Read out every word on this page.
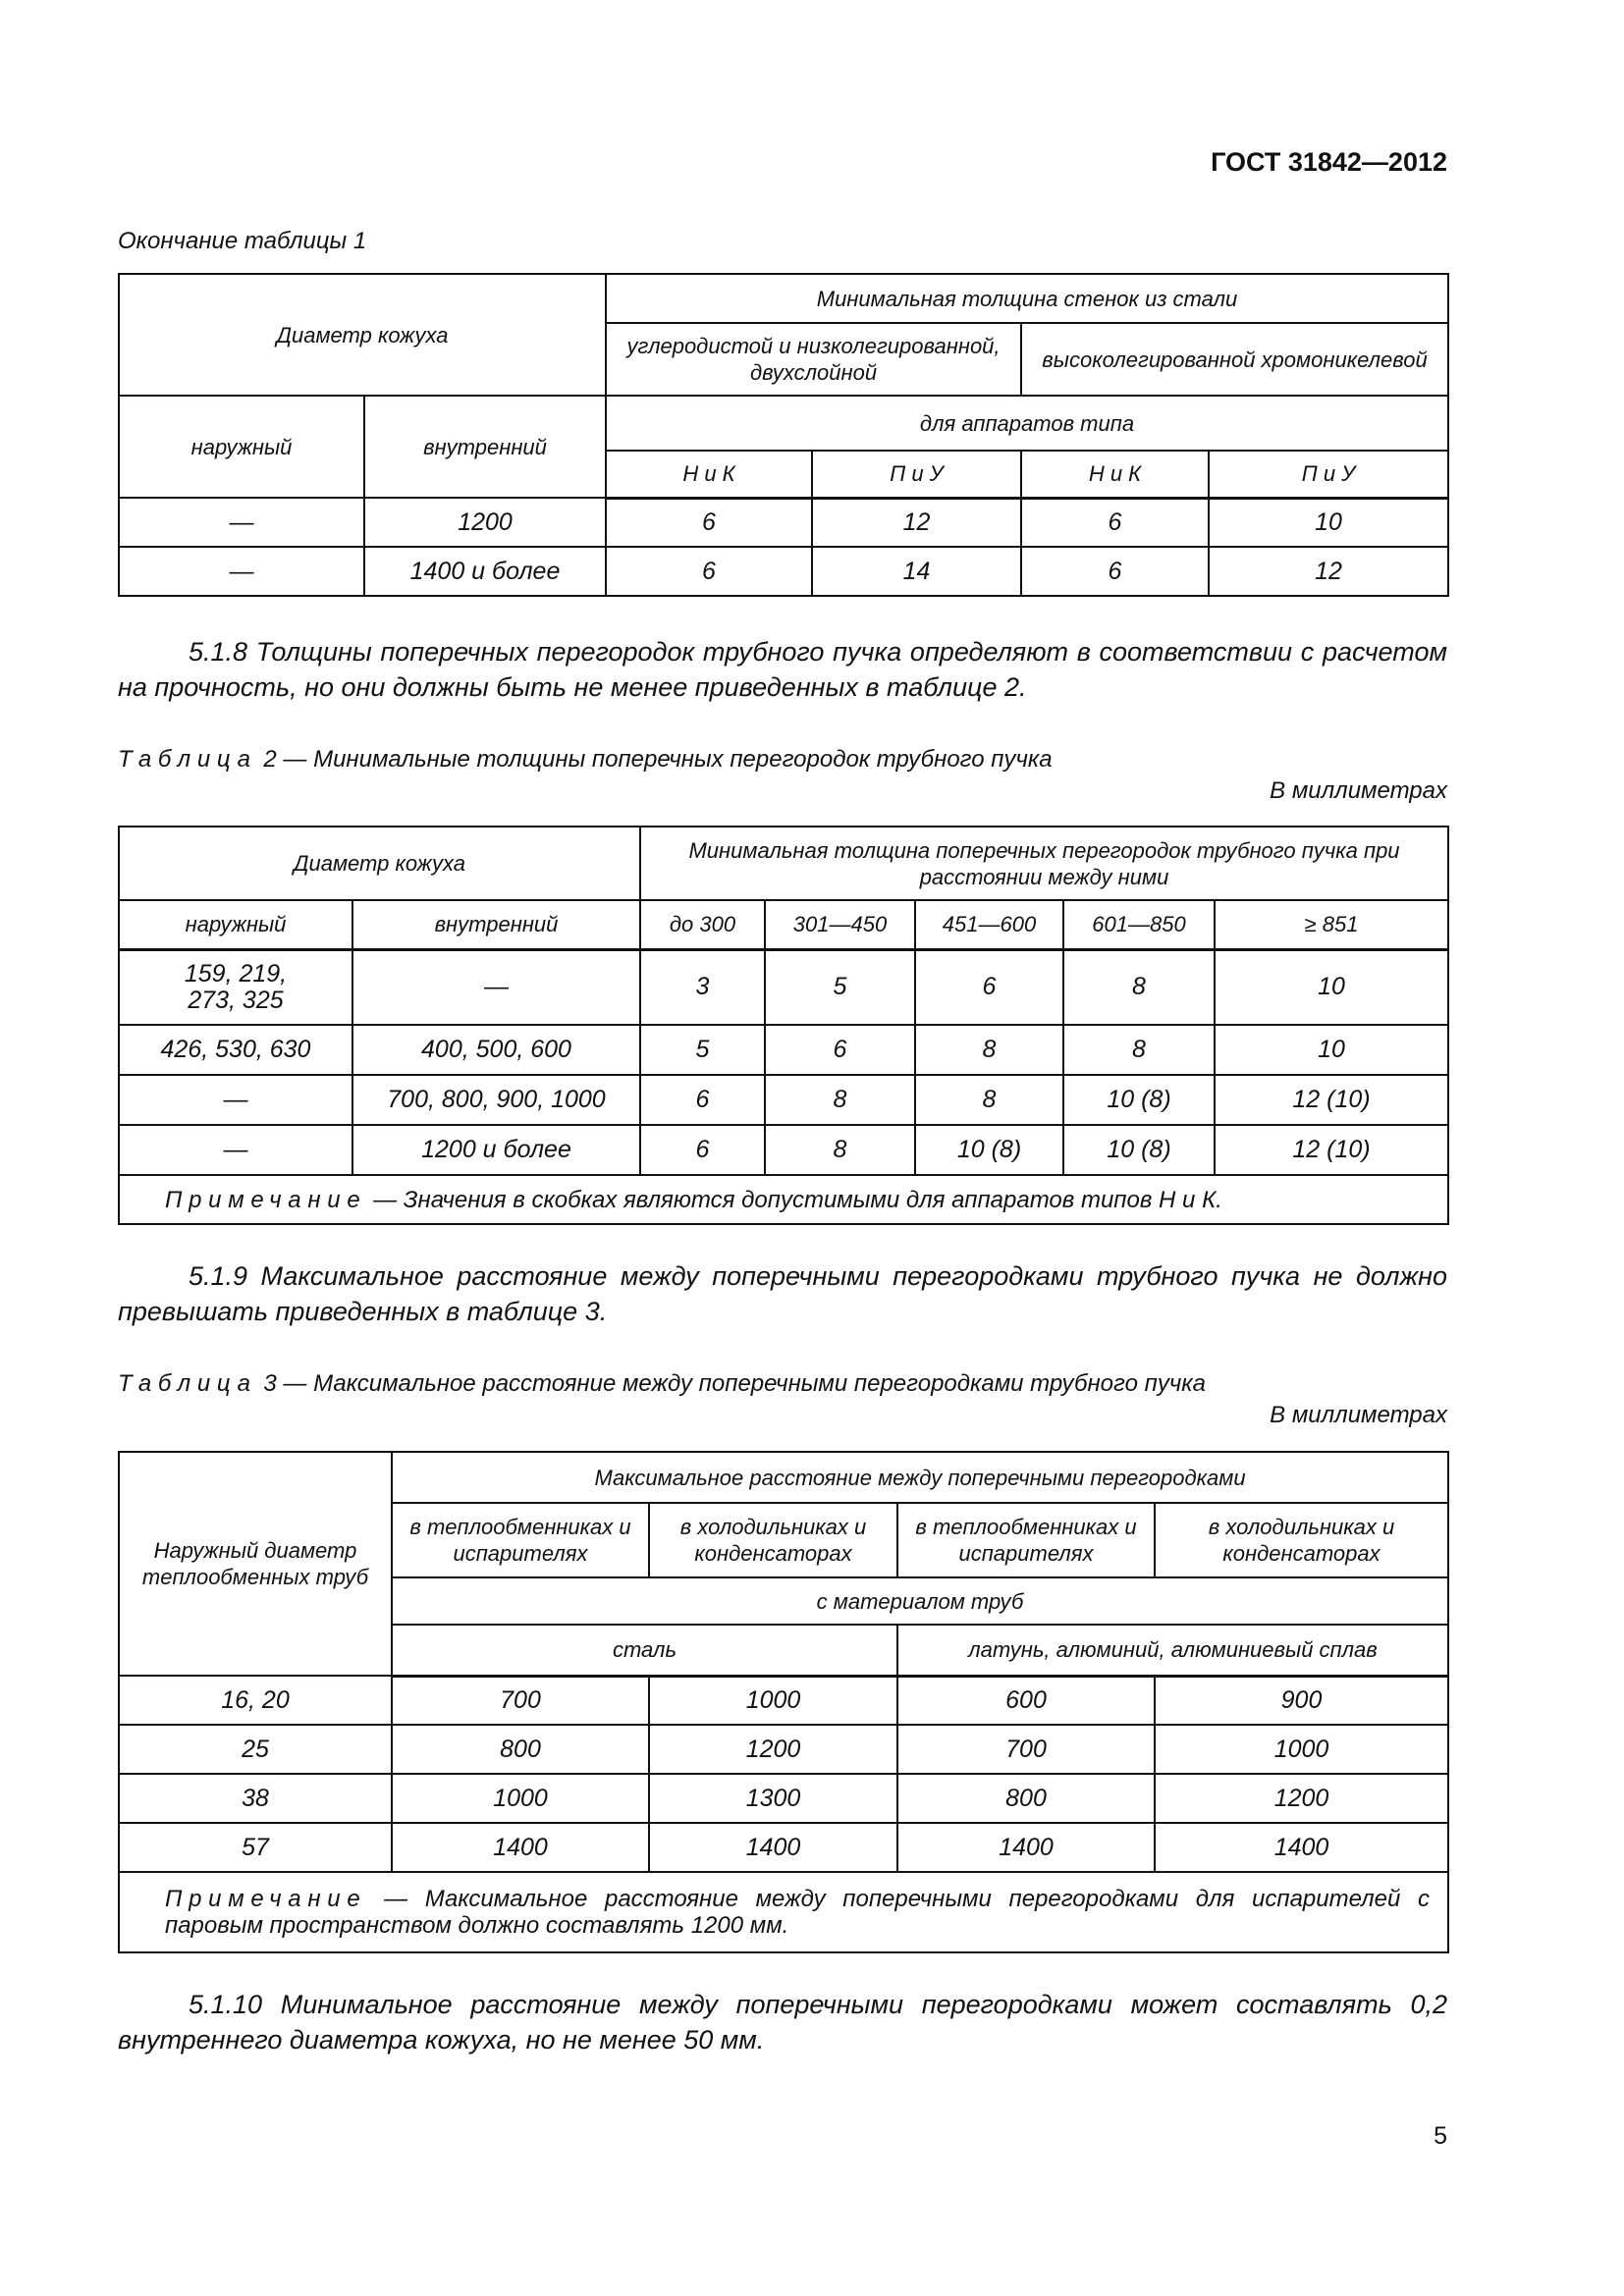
ГОСТ 31842—2012
Окончание таблицы 1
Диаметр кожуха		Минимальная толщина стенок из стали			
		углеродистой и низколегированной, двухслойной		высоколегированной хромоникелевой	
наружный	внутренний	для аппаратов типа			
		Н и К	П и У	Н и К	П и У
—	1200	6	12	6	10
—	1400 и более	6	14	6	12
5.1.8 Толщины поперечных перегородок трубного пучка определяют в соответствии с расчетом на прочность, но они должны быть не менее приведенных в таблице 2.
Таблица 2 — Минимальные толщины поперечных перегородок трубного пучка
В миллиметрах
Диаметр кожуха		Минимальная толщина поперечных перегородок трубного пучка при расстоянии между ними				
наружный	внутренний	до 300	301—450	451—600	601—850	≥ 851
159, 219, 273, 325	—	3	5	6	8	10
426, 530, 630	400, 500, 600	5	6	8	8	10
—	700, 800, 900, 1000	6	8	8	10 (8)	12 (10)
—	1200 и более	6	8	10 (8)	10 (8)	12 (10)
Примечание — Значения в скобках являются допустимыми для аппаратов типов Н и К.						
5.1.9 Максимальное расстояние между поперечными перегородками трубного пучка не должно превышать приведенных в таблице 3.
Таблица 3 — Максимальное расстояние между поперечными перегородками трубного пучка
В миллиметрах
Наружный диаметр теплообменных труб	Максимальное расстояние между поперечными перегородками			
	в теплообменниках и испарителях	в холодильниках и конденсаторах	в теплообменниках и испарителях	в холодильниках и конденсаторах
	с материалом труб			
	сталь		латунь, алюминий, алюминиевый сплав	
16, 20	700	1000	600	900
25	800	1200	700	1000
38	1000	1300	800	1200
57	1400	1400	1400	1400
Примечание — Максимальное расстояние между поперечными перегородками для испарителей с паровым пространством должно составлять 1200 мм.				
5.1.10 Минимальное расстояние между поперечными перегородками может составлять 0,2 внутреннего диаметра кожуха, но не менее 50 мм.
5
